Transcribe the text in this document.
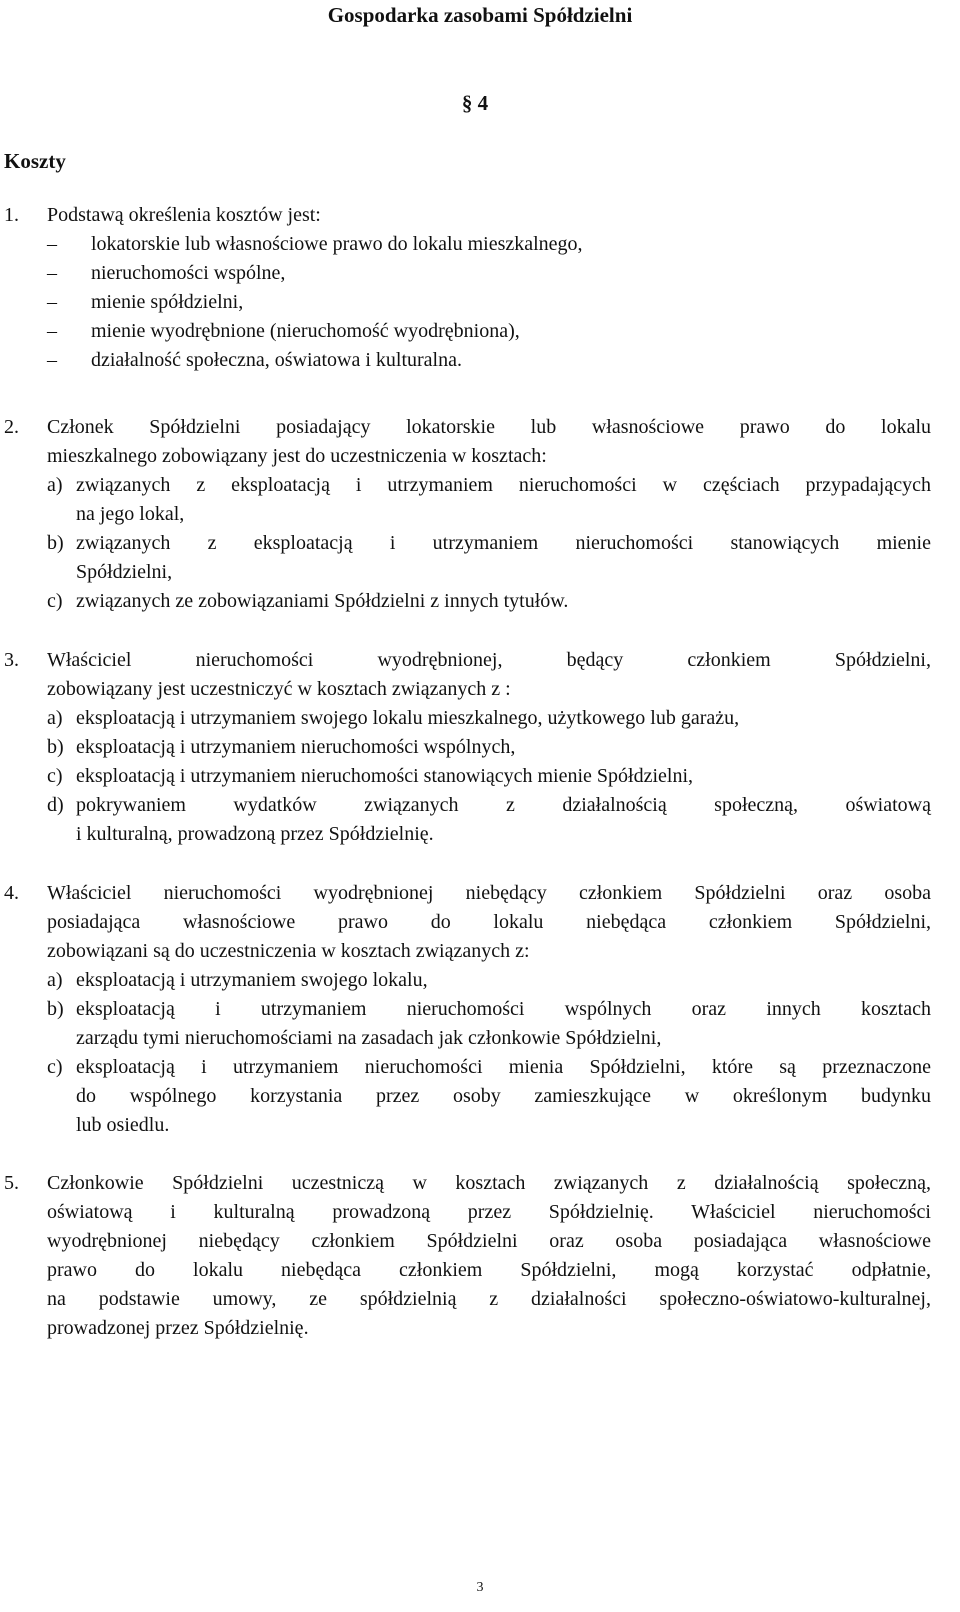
Gospodarka zasobami Spółdzielni
§ 4
Koszty
1. Podstawą określenia kosztów jest:
– lokatorskie lub własnościowe prawo do lokalu mieszkalnego,
– nieruchomości wspólne,
– mienie spółdzielni,
– mienie wyodrębnione (nieruchomość wyodrębniona),
– działalność społeczna, oświatowa i kulturalna.
2. Członek Spółdzielni posiadający lokatorskie lub własnościowe prawo do lokalu
mieszkalnego zobowiązany jest do uczestniczenia w kosztach:
a) związanych z eksploatacją i utrzymaniem nieruchomości w częściach przypadających
na jego lokal,
b) związanych z eksploatacją i utrzymaniem nieruchomości stanowiących mienie
Spółdzielni,
c) związanych ze zobowiązaniami Spółdzielni z innych tytułów.
3. Właściciel nieruchomości wyodrębnionej, będący członkiem Spółdzielni,
zobowiązany jest uczestniczyć w kosztach związanych z :
a) eksploatacją i utrzymaniem swojego lokalu mieszkalnego, użytkowego lub garażu,
b) eksploatacją i utrzymaniem nieruchomości wspólnych,
c) eksploatacją i utrzymaniem nieruchomości stanowiących mienie Spółdzielni,
d) pokrywaniem wydatków związanych z działalnością społeczną, oświatową
i kulturalną, prowadzoną przez Spółdzielnię.
4. Właściciel nieruchomości wyodrębnionej niebędący członkiem Spółdzielni oraz osoba
posiadająca własnościowe prawo do lokalu niebędąca członkiem Spółdzielni,
zobowiązani są do uczestniczenia w kosztach związanych z:
a) eksploatacją i utrzymaniem swojego lokalu,
b) eksploatacją i utrzymaniem nieruchomości wspólnych oraz innych kosztach
zarządu tymi nieruchomościami na zasadach jak członkowie Spółdzielni,
c) eksploatacją i utrzymaniem nieruchomości mienia Spółdzielni, które są przeznaczone
do wspólnego korzystania przez osoby zamieszkujące w określonym budynku
lub osiedlu.
5. Członkowie Spółdzielni uczestniczą w kosztach związanych z działalnością społeczną,
oświatową i kulturalną prowadzoną przez Spółdzielnię. Właściciel nieruchomości
wyodrębnionej niebędący członkiem Spółdzielni oraz osoba posiadająca własnościowe
prawo do lokalu niebędąca członkiem Spółdzielni, mogą korzystać odpłatnie,
na podstawie umowy, ze spółdzielnią z działalności społeczno-oświatowo-kulturalnej,
prowadzonej przez Spółdzielnię.
3
